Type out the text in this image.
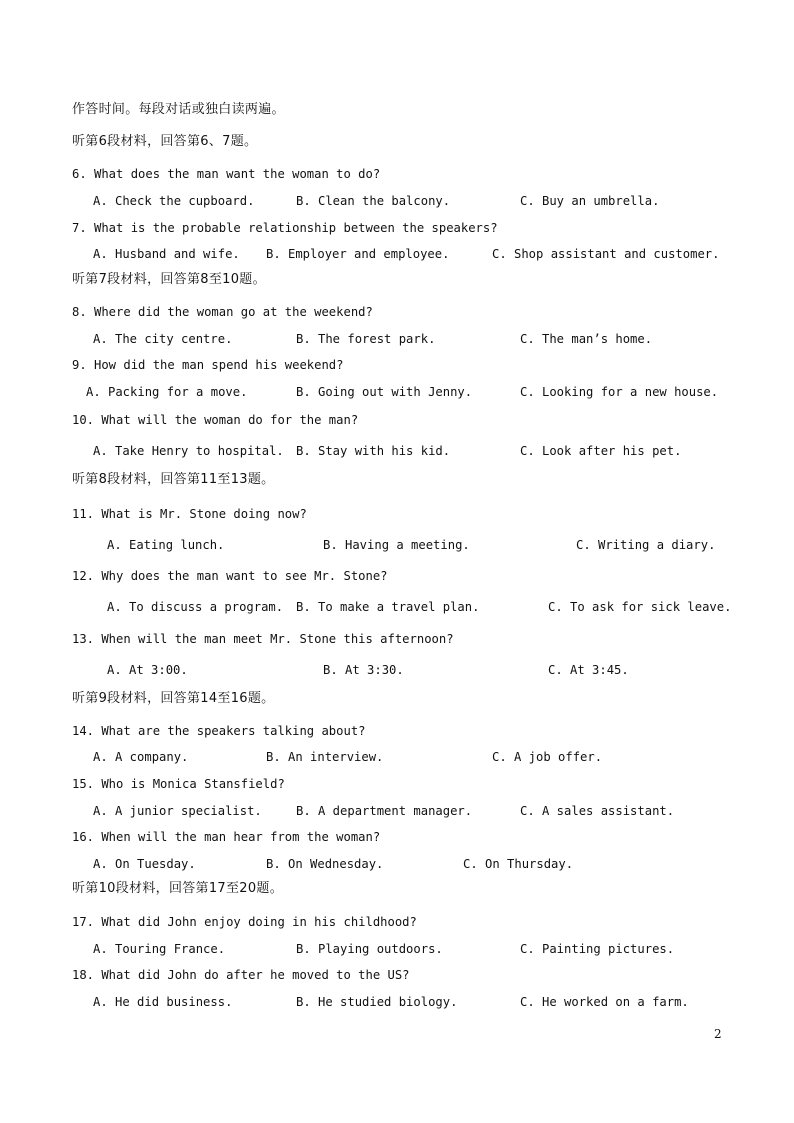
作答时间。每段对话或独白读两遍。
听第6段材料，回答第6、7题。
6. What does the man want the woman to do?
A. Check the cupboard.	B. Clean the balcony.	C. Buy an umbrella.
7. What is the probable relationship between the speakers?
A. Husband and wife. B. Employer and employee.	C. Shop assistant and customer.
听第7段材料，回答第8至10题。
8. Where did the woman go at the weekend?
A. The city centre.	B. The forest park.	C. The man’s home.
9. How did the man spend his weekend?
A. Packing for a move.	B. Going out with Jenny.	C. Looking for a new house.
10. What will the woman do for the man?
A. Take Henry to hospital. B. Stay with his kid.	C. Look after his pet.
听第8段材料，回答第11至13题。
11. What is Mr. Stone doing now?
A. Eating lunch.	B. Having a meeting.	C. Writing a diary.
12. Why does the man want to see Mr. Stone?
A. To discuss a program. B. To make a travel plan.	C. To ask for sick leave.
13. When will the man meet Mr. Stone this afternoon?
A. At 3:00.	B. At 3:30.	C. At 3:45.
听第9段材料，回答第14至16题。
14. What are the speakers talking about?
A. A company.	B. An interview.	C. A job offer.
15. Who is Monica Stansfield?
A. A junior specialist.	B. A department manager.	C. A sales assistant.
16. When will the man hear from the woman?
A. On Tuesday.	B. On Wednesday.	C. On Thursday.
听第10段材料，回答第17至20题。
17. What did John enjoy doing in his childhood?
A. Touring France.	B. Playing outdoors.	C. Painting pictures.
18. What did John do after he moved to the US?
A. He did business.	B. He studied biology.	C. He worked on a farm.
2
